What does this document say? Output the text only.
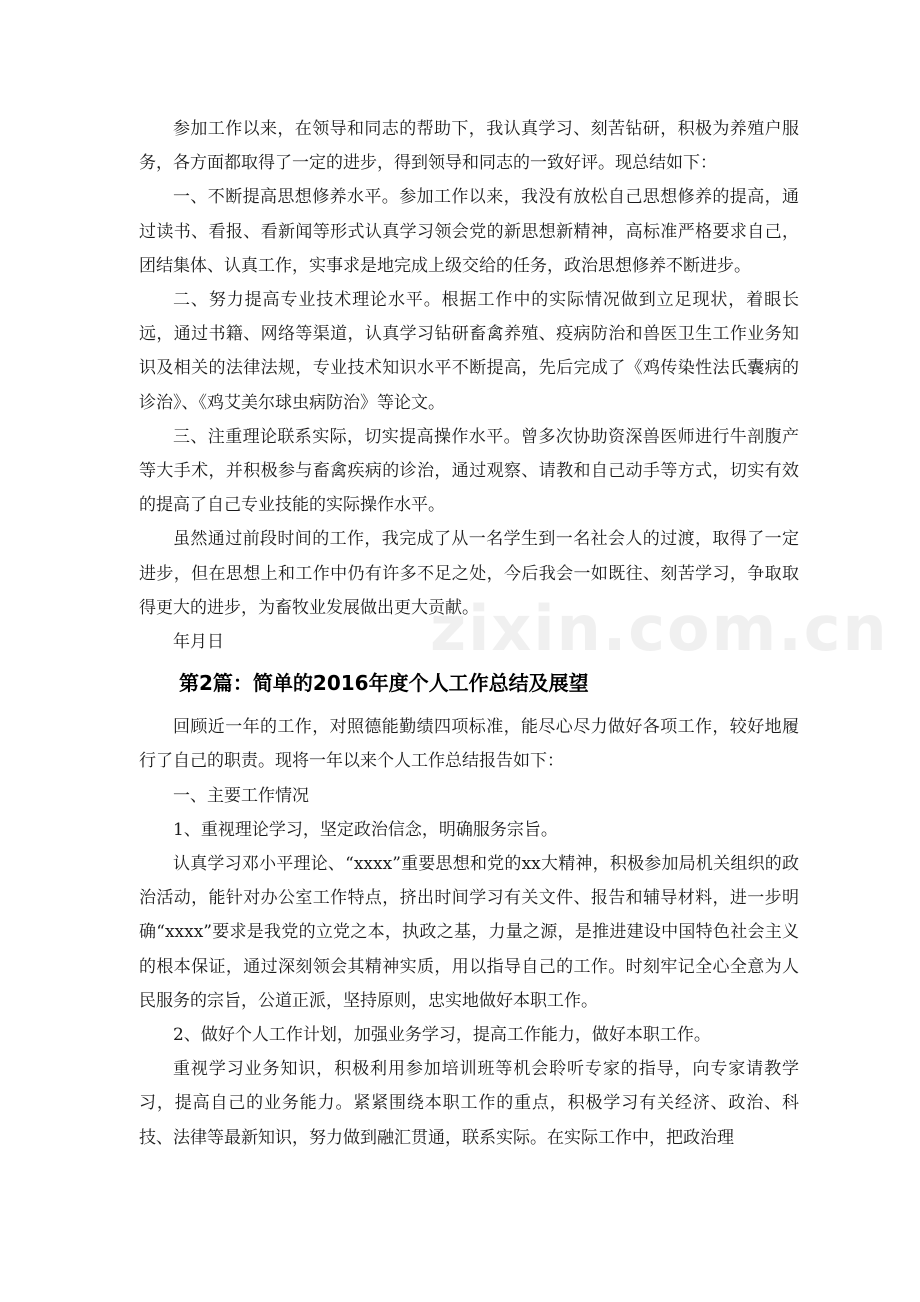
参加工作以来，在领导和同志的帮助下，我认真学习、刻苦钻研，积极为养殖户服务，各方面都取得了一定的进步，得到领导和同志的一致好评。现总结如下：

一、不断提高思想修养水平。参加工作以来，我没有放松自己思想修养的提高，通过读书、看报、看新闻等形式认真学习领会党的新思想新精神，高标准严格要求自己，团结集体、认真工作，实事求是地完成上级交给的任务，政治思想修养不断进步。

二、努力提高专业技术理论水平。根据工作中的实际情况做到立足现状，着眼长远，通过书籍、网络等渠道，认真学习钻研畜禽养殖、疫病防治和兽医卫生工作业务知识及相关的法律法规，专业技术知识水平不断提高，先后完成了《鸡传染性法氏囊病的诊治》、《鸡艾美尔球虫病防治》等论文。

三、注重理论联系实际，切实提高操作水平。曾多次协助资深兽医师进行牛剖腹产等大手术，并积极参与畜禽疾病的诊治，通过观察、请教和自己动手等方式，切实有效的提高了自己专业技能的实际操作水平。

虽然通过前段时间的工作，我完成了从一名学生到一名社会人的过渡，取得了一定进步，但在思想上和工作中仍有许多不足之处，今后我会一如既往、刻苦学习，争取取得更大的进步，为畜牧业发展做出更大贡献。

年月日

第2篇：简单的2016年度个人工作总结及展望

回顾近一年的工作，对照德能勤绩四项标准，能尽心尽力做好各项工作，较好地履行了自己的职责。现将一年以来个人工作总结报告如下：

一、主要工作情况

1、重视理论学习，坚定政治信念，明确服务宗旨。

认真学习邓小平理论、“xxxx”重要思想和党的xx大精神，积极参加局机关组织的政治活动，能针对办公室工作特点，挤出时间学习有关文件、报告和辅导材料，进一步明确“xxxx”要求是我党的立党之本，执政之基，力量之源，是推进建设中国特色社会主义的根本保证，通过深刻领会其精神实质，用以指导自己的工作。时刻牢记全心全意为人民服务的宗旨，公道正派，坚持原则，忠实地做好本职工作。

2、做好个人工作计划，加强业务学习，提高工作能力，做好本职工作。

重视学习业务知识，积极利用参加培训班等机会聆听专家的指导，向专家请教学习，提高自己的业务能力。紧紧围绕本职工作的重点，积极学习有关经济、政治、科技、法律等最新知识，努力做到融汇贯通，联系实际。在实际工作中，把政治理

zixin.com.cn
